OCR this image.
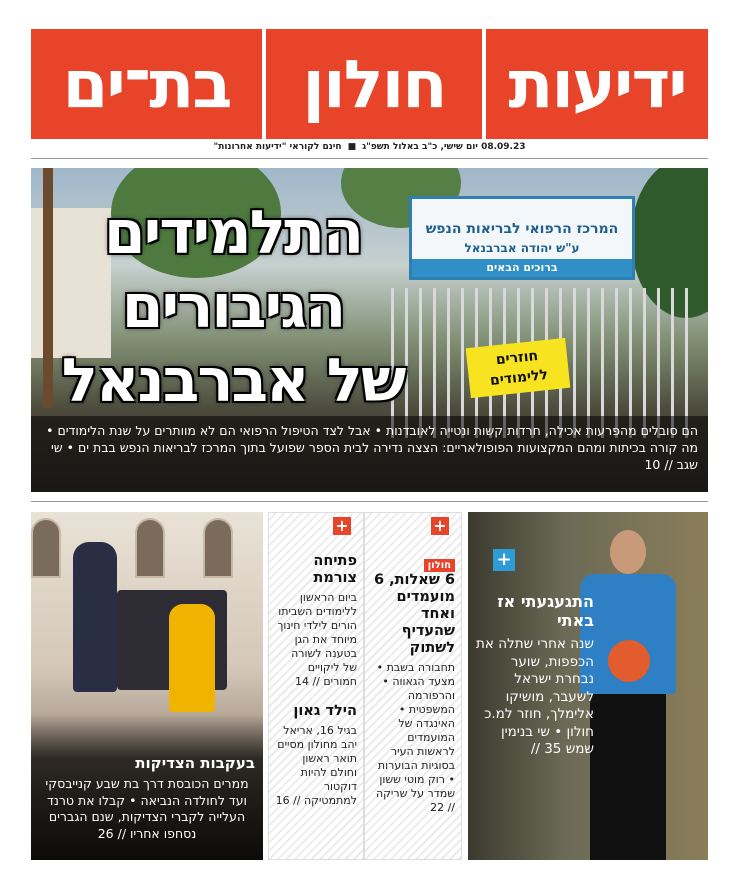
ידיעות
חולון
בת־ים
08.09.23 יום שישי, כ"ב באלול תשפ"ג
■
חינם לקוראי "ידיעות אחרונות"
המרכז הרפואי לבריאות הנפש
ע"ש יהודה אברבנאל
ברוכים הבאים
התלמידים
הגיבורים
של אברבנאל	חוזרים
ללימודים
הם סובלים מהפרעות אכילה, חרדות קשות ונטייה לאובדנות • אבל לצד הטיפול הרפואי הם לא מוותרים על שנת הלימודים • מה קורה בכיתות ומהם המקצועות הפופולאריים: הצצה נדירה לבית הספר שפועל בתוך המרכז לבריאות הנפש בבת ים • שי שגב // 10
+
התגעגעתי אז באתי
שנה אחרי שתלה את הכפפות, שוער נבחרת ישראל לשעבר, מושיקו אלימלך, חוזר למ.כ חולון • שי בנימין שמש 35 //
+
חולון
6 שאלות, 6 מועמדים ואחד שהעדיף לשתוק
תחבורה בשבת • מצעד הגאווה • והרפורמה המשפטית • האינגדה של המועמדים לראשות העיר בסוגיות הבוערות • רוק מוטי ששון שמדר על שריקה // 22
+
פתיחה צורמת
ביום הראשון ללימודים השביתו הורים לילדי חינוך מיוחד את הגן בטענה לשורה של ליקויים חמורים // 14
הילד גאון
בגיל 16, אריאל יהב מחולון מסיים תואר ראשון וחולם להיות דוקטור למתמטיקה // 16
בעקבות הצדיקות
ממרים הכובסת דרך בת שבע קנייבסקי ועד לחולדה הנביאה • קבלו את טרנד העלייה לקברי הצדיקות, שנם הגברים נסחפו אחריו // 26
